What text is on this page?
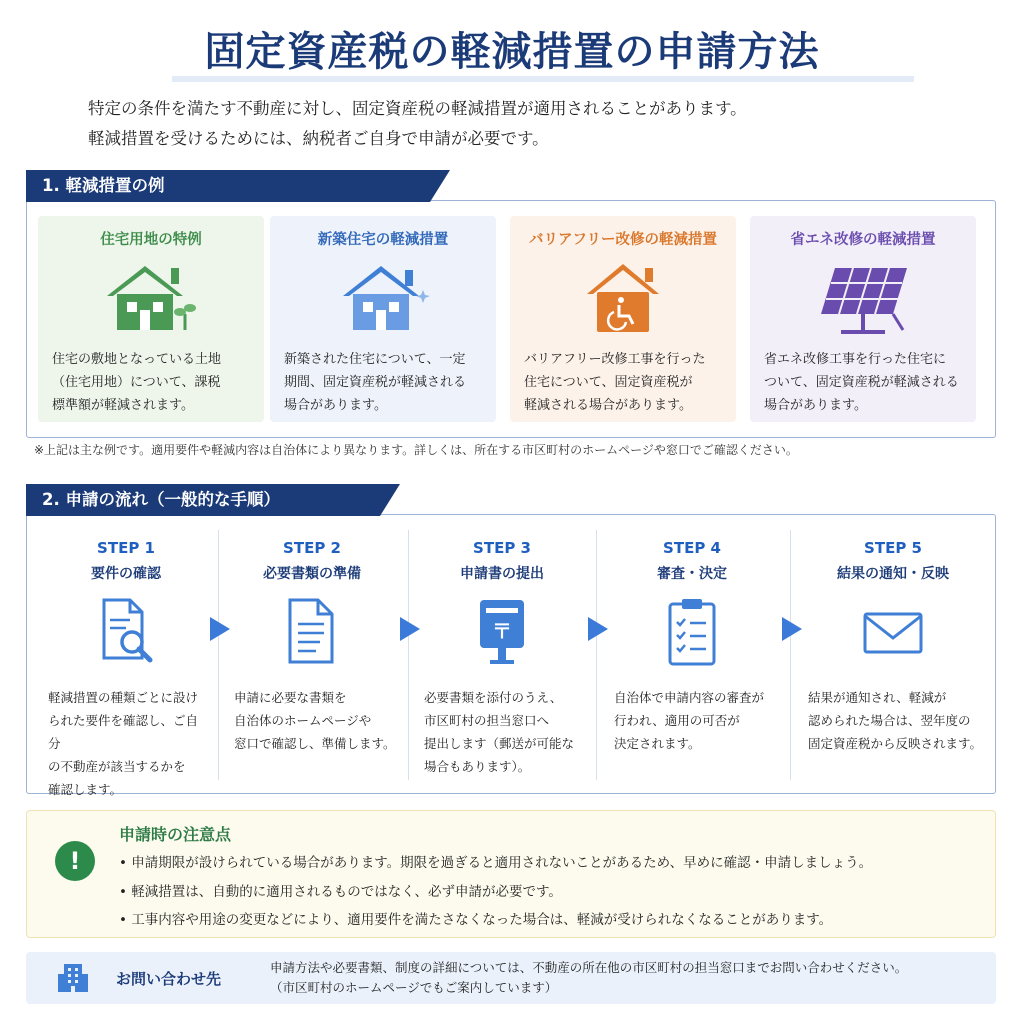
固定資産税の軽減措置の申請方法
特定の条件を満たす不動産に対し、固定資産税の軽減措置が適用されることがあります。
軽減措置を受けるためには、納税者ご自身で申請が必要です。
1. 軽減措置の例
住宅用地の特例
住宅の敷地となっている土地
（住宅用地）について、課税
標準額が軽減されます。
新築住宅の軽減措置
新築された住宅について、一定
期間、固定資産税が軽減される
場合があります。
バリアフリー改修の軽減措置
バリアフリー改修工事を行った
住宅について、固定資産税が
軽減される場合があります。
省エネ改修の軽減措置
省エネ改修工事を行った住宅に
ついて、固定資産税が軽減される
場合があります。
※上記は主な例です。適用要件や軽減内容は自治体により異なります。詳しくは、所在する市区町村のホームページや窓口でご確認ください。
2. 申請の流れ（一般的な手順）
STEP 1
要件の確認
軽減措置の種類ごとに設け
られた要件を確認し、ご自分
の不動産が該当するかを
確認します。
STEP 2
必要書類の準備
申請に必要な書類を
自治体のホームページや
窓口で確認し、準備します。
STEP 3
申請書の提出
〒
必要書類を添付のうえ、
市区町村の担当窓口へ
提出します（郵送が可能な
場合もあります）。
STEP 4
審査・決定
自治体で申請内容の審査が
行われ、適用の可否が
決定されます。
STEP 5
結果の通知・反映
結果が通知され、軽減が
認められた場合は、翌年度の
固定資産税から反映されます。
!
申請時の注意点
• 申請期限が設けられている場合があります。期限を過ぎると適用されないことがあるため、早めに確認・申請しましょう。
• 軽減措置は、自動的に適用されるものではなく、必ず申請が必要です。
• 工事内容や用途の変更などにより、適用要件を満たさなくなった場合は、軽減が受けられなくなることがあります。
お問い合わせ先
申請方法や必要書類、制度の詳細については、不動産の所在他の市区町村の担当窓口までお問い合わせください。
（市区町村のホームページでもご案内しています）
